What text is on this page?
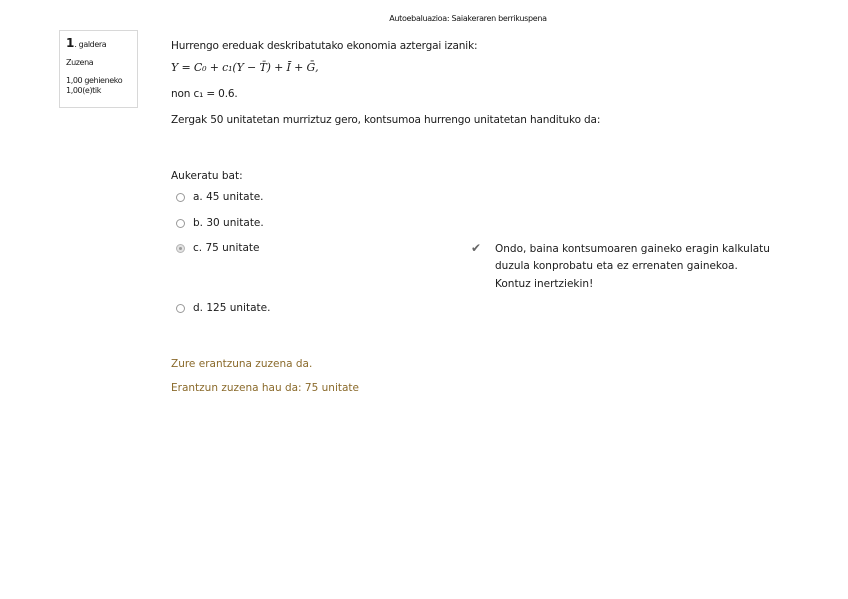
Autoebaluazioa: Saiakeraren berrikuspena
1. galdera
Zuzena
1,00 gehieneko
1,00(e)tik

Hurrengo ereduak deskribatutako ekonomia aztergai izanik:

Y = C₀ + c₁(Y − T̄) + Ī + Ḡ,

non c₁ = 0.6.

Zergak 50 unitatetan murriztuz gero, kontsumoa hurrengo unitatetan handituko da:

Aukeratu bat:
a. 45 unitate.
b. 30 unitate.
c. 75 unitate
d. 125 unitate.
✔	Ondo, baina kontsumoaren gaineko eragin kalkulatu duzula konprobatu eta ez errenaten gainekoa. Kontuz inertziekin!
Zure erantzuna zuzena da.
Erantzun zuzena hau da: 75 unitate
